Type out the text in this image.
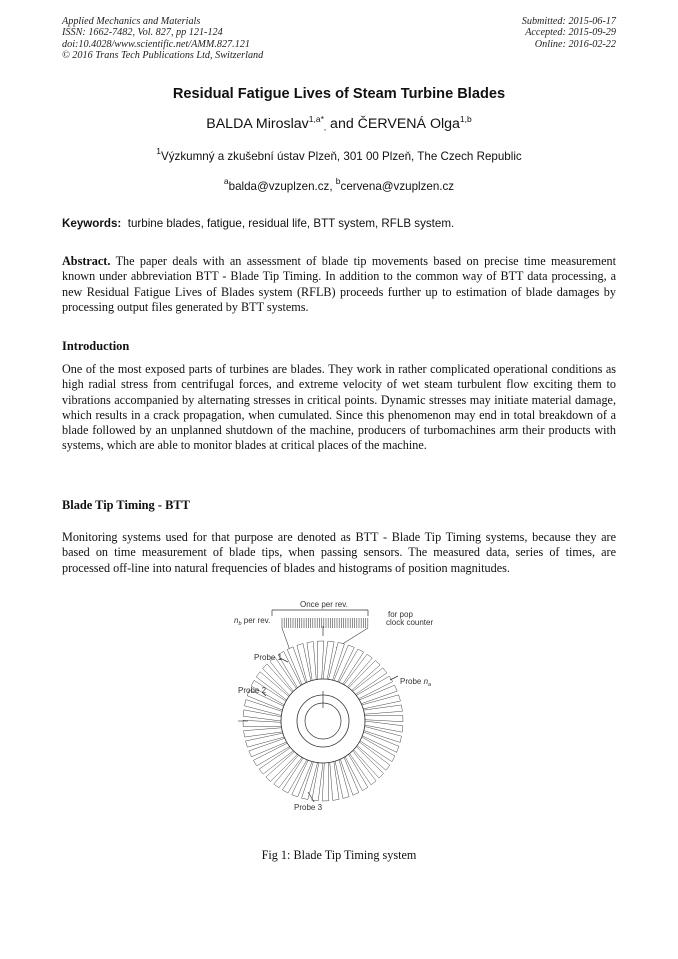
Applied Mechanics and Materials
ISSN: 1662-7482, Vol. 827, pp 121-124
doi:10.4028/www.scientific.net/AMM.827.121
© 2016 Trans Tech Publications Ltd, Switzerland
Submitted: 2015-06-17
Accepted: 2015-09-29
Online: 2016-02-22
Residual Fatigue Lives of Steam Turbine Blades
BALDA Miroslav$^{1,a*}_,$ and ČERVENÁ Olga$^{1,b}$
$^1$Výzkumný a zkušební ústav Plzeň, 301 00 Plzeň, The Czech Republic
$^a$balda@vzuplzen.cz, $^b$cervena@vzuplzen.cz
Keywords: turbine blades, fatigue, residual life, BTT system, RFLB system.
Abstract. The paper deals with an assessment of blade tip movements based on precise time measurement known under abbreviation BTT - Blade Tip Timing. In addition to the common way of BTT data processing, a new Residual Fatigue Lives of Blades system (RFLB) proceeds further up to estimation of blade damages by processing output files generated by BTT systems.
Introduction
One of the most exposed parts of turbines are blades. They work in rather complicated operational conditions as high radial stress from centrifugal forces, and extreme velocity of wet steam turbulent flow exciting them to vibrations accompanied by alternating stresses in critical points. Dynamic stresses may initiate material damage, which results in a crack propagation, when cumulated. Since this phenomenon may end in total breakdown of a blade followed by an unplanned shutdown of the machine, producers of turbomachines arm their products with systems, which are able to monitor blades at critical places of the machine.
Blade Tip Timing - BTT
Monitoring systems used for that purpose are denoted as BTT - Blade Tip Timing systems, because they are based on time measurement of blade tips, when passing sensors. The measured data, series of times, are processed off-line into natural frequencies of blades and histograms of position magnitudes.
Once per rev.
$n_b$ per rev.
for pop
clock counter
Probe 1
Probe 2
Probe 3
Probe $n_a$
Fig 1: Blade Tip Timing system
